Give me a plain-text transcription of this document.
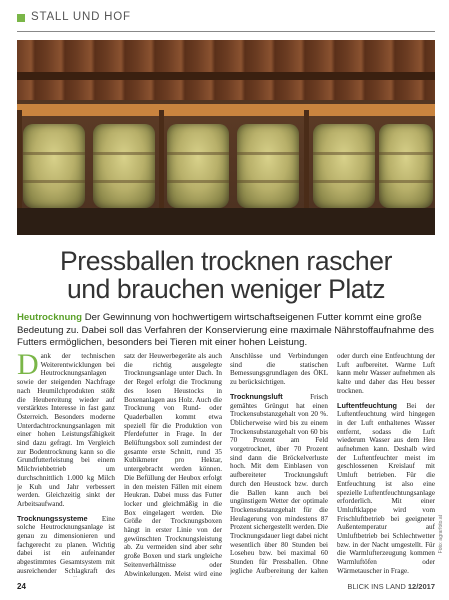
STALL UND HOF
Pressballen trocknen rascher
und brauchen weniger Platz
Heutrocknung Der Gewinnung von hochwertigem wirtschaftseigenen Futter kommt eine große Bedeutung zu. Dabei soll das Verfahren der Konservierung eine maximale Nährstoffaufnahme des Futters ermöglichen, besonders bei Tieren mit einer hohen Leistung.

Dank der technischen Weiterentwicklungen bei Heutrocknungsanlagen sowie der steigenden Nachfrage nach Heumilchprodukten stößt die Heubereitung wieder auf verstärktes Interesse in fast ganz Österreich. Besonders moderne Unterdachtrocknungsanlagen mit einer hohen Leistungsfähigkeit sind dazu gefragt. Im Vergleich zur Bodentrocknung kann so die Grundfutterleistung bei einem Milchviehbetrieb um durchschnittlich 1.000 kg Milch je Kuh und Jahr verbessert werden. Gleichzeitig sinkt der Arbeitsaufwand.

Trocknungssysteme Eine solche Heutrocknungsanlage ist genau zu dimensionieren und fachgerecht zu planen. Wichtig dabei ist ein aufeinander abgestimmtes Gesamtsystem mit ausreichender Schlagkraft des

satz der Heuwerbegeräte als auch die richtig ausgelegte Trocknungsanlage unter Dach. In der Regel erfolgt die Trocknung des losen Heustocks in Boxenanlagen aus Holz. Auch die Trocknung von Rund- oder Quaderballen kommt etwa speziell für die Produktion von Pferdefutter in Frage. In der Belüftungsbox soll zumindest der gesamte erste Schnitt, rund 35 Kubikmeter pro Hektar, untergebracht werden können. Die Befüllung der Heubox erfolgt in den meisten Fällen mit einem Heukran. Dabei muss das Futter locker und gleichmäßig in die Box eingelagert werden. Die Größe der Trocknungsboxen hängt in erster Linie von der gewünschten Trocknungsleistung ab. Zu vermeiden sind aber sehr große Boxen und stark ungleiche Seitenverhältnisse oder Abwinkelungen. Meist wird eine

Anschlüsse und Verbindungen sind die statischen Bemessungsgrundlagen des ÖKL zu berücksichtigen.

Trocknungsluft	Frisch gemähtes Grüngut hat einen Trockensubstanzgehalt von 20 %. Üblicherweise wird bis zu einem Trockensubstanzgehalt von 60 bis 70 Prozent am Feld vorgetrocknet, über 70 Prozent sind dann die Bröckelverluste hoch. Mit dem Einblasen von aufbereiteter Trocknungsluft durch den Heustock bzw. durch die Ballen kann auch bei ungünstigem Wetter der optimale Trockensubstanzgehalt für die Heulagerung von mindestens 87 Prozent sichergestellt werden. Die Trocknungsdauer liegt dabei nicht wesentlich über 80 Stunden bei Loseheu bzw. bei maximal 60 Stunden für Pressballen. Ohne jegliche Aufbereitung der kalten

oder durch eine Entfeuchtung der Luft aufbereitet. Warme Luft kann mehr Wasser aufnehmen als kalte und daher das Heu besser trocknen.

Luftentfeuchtung Bei der Luftentfeuchtung wird hingegen in der Luft enthaltenes Wasser entfernt, sodass die Luft wiederum Wasser aus dem Heu aufnehmen kann. Deshalb wird der Luftentfeuchter meist im geschlossenen Kreislauf mit Umluft betrieben. Für die Entfeuchtung ist also eine spezielle Luftentfeuchtungsanlage erforderlich. Mit einer Umluftklappe wird vom Frischluftbetrieb bei geeigneter Außentemperatur auf Umluftbetrieb bei Schlechtwetter bzw. in der Nacht umgestellt. Für die Warmlufterzeugung kommen Warmluftöfen oder Wärmetauscher in Frage.

Foto: agrarfoto.at
24	BLICK INS LAND 12/2017
